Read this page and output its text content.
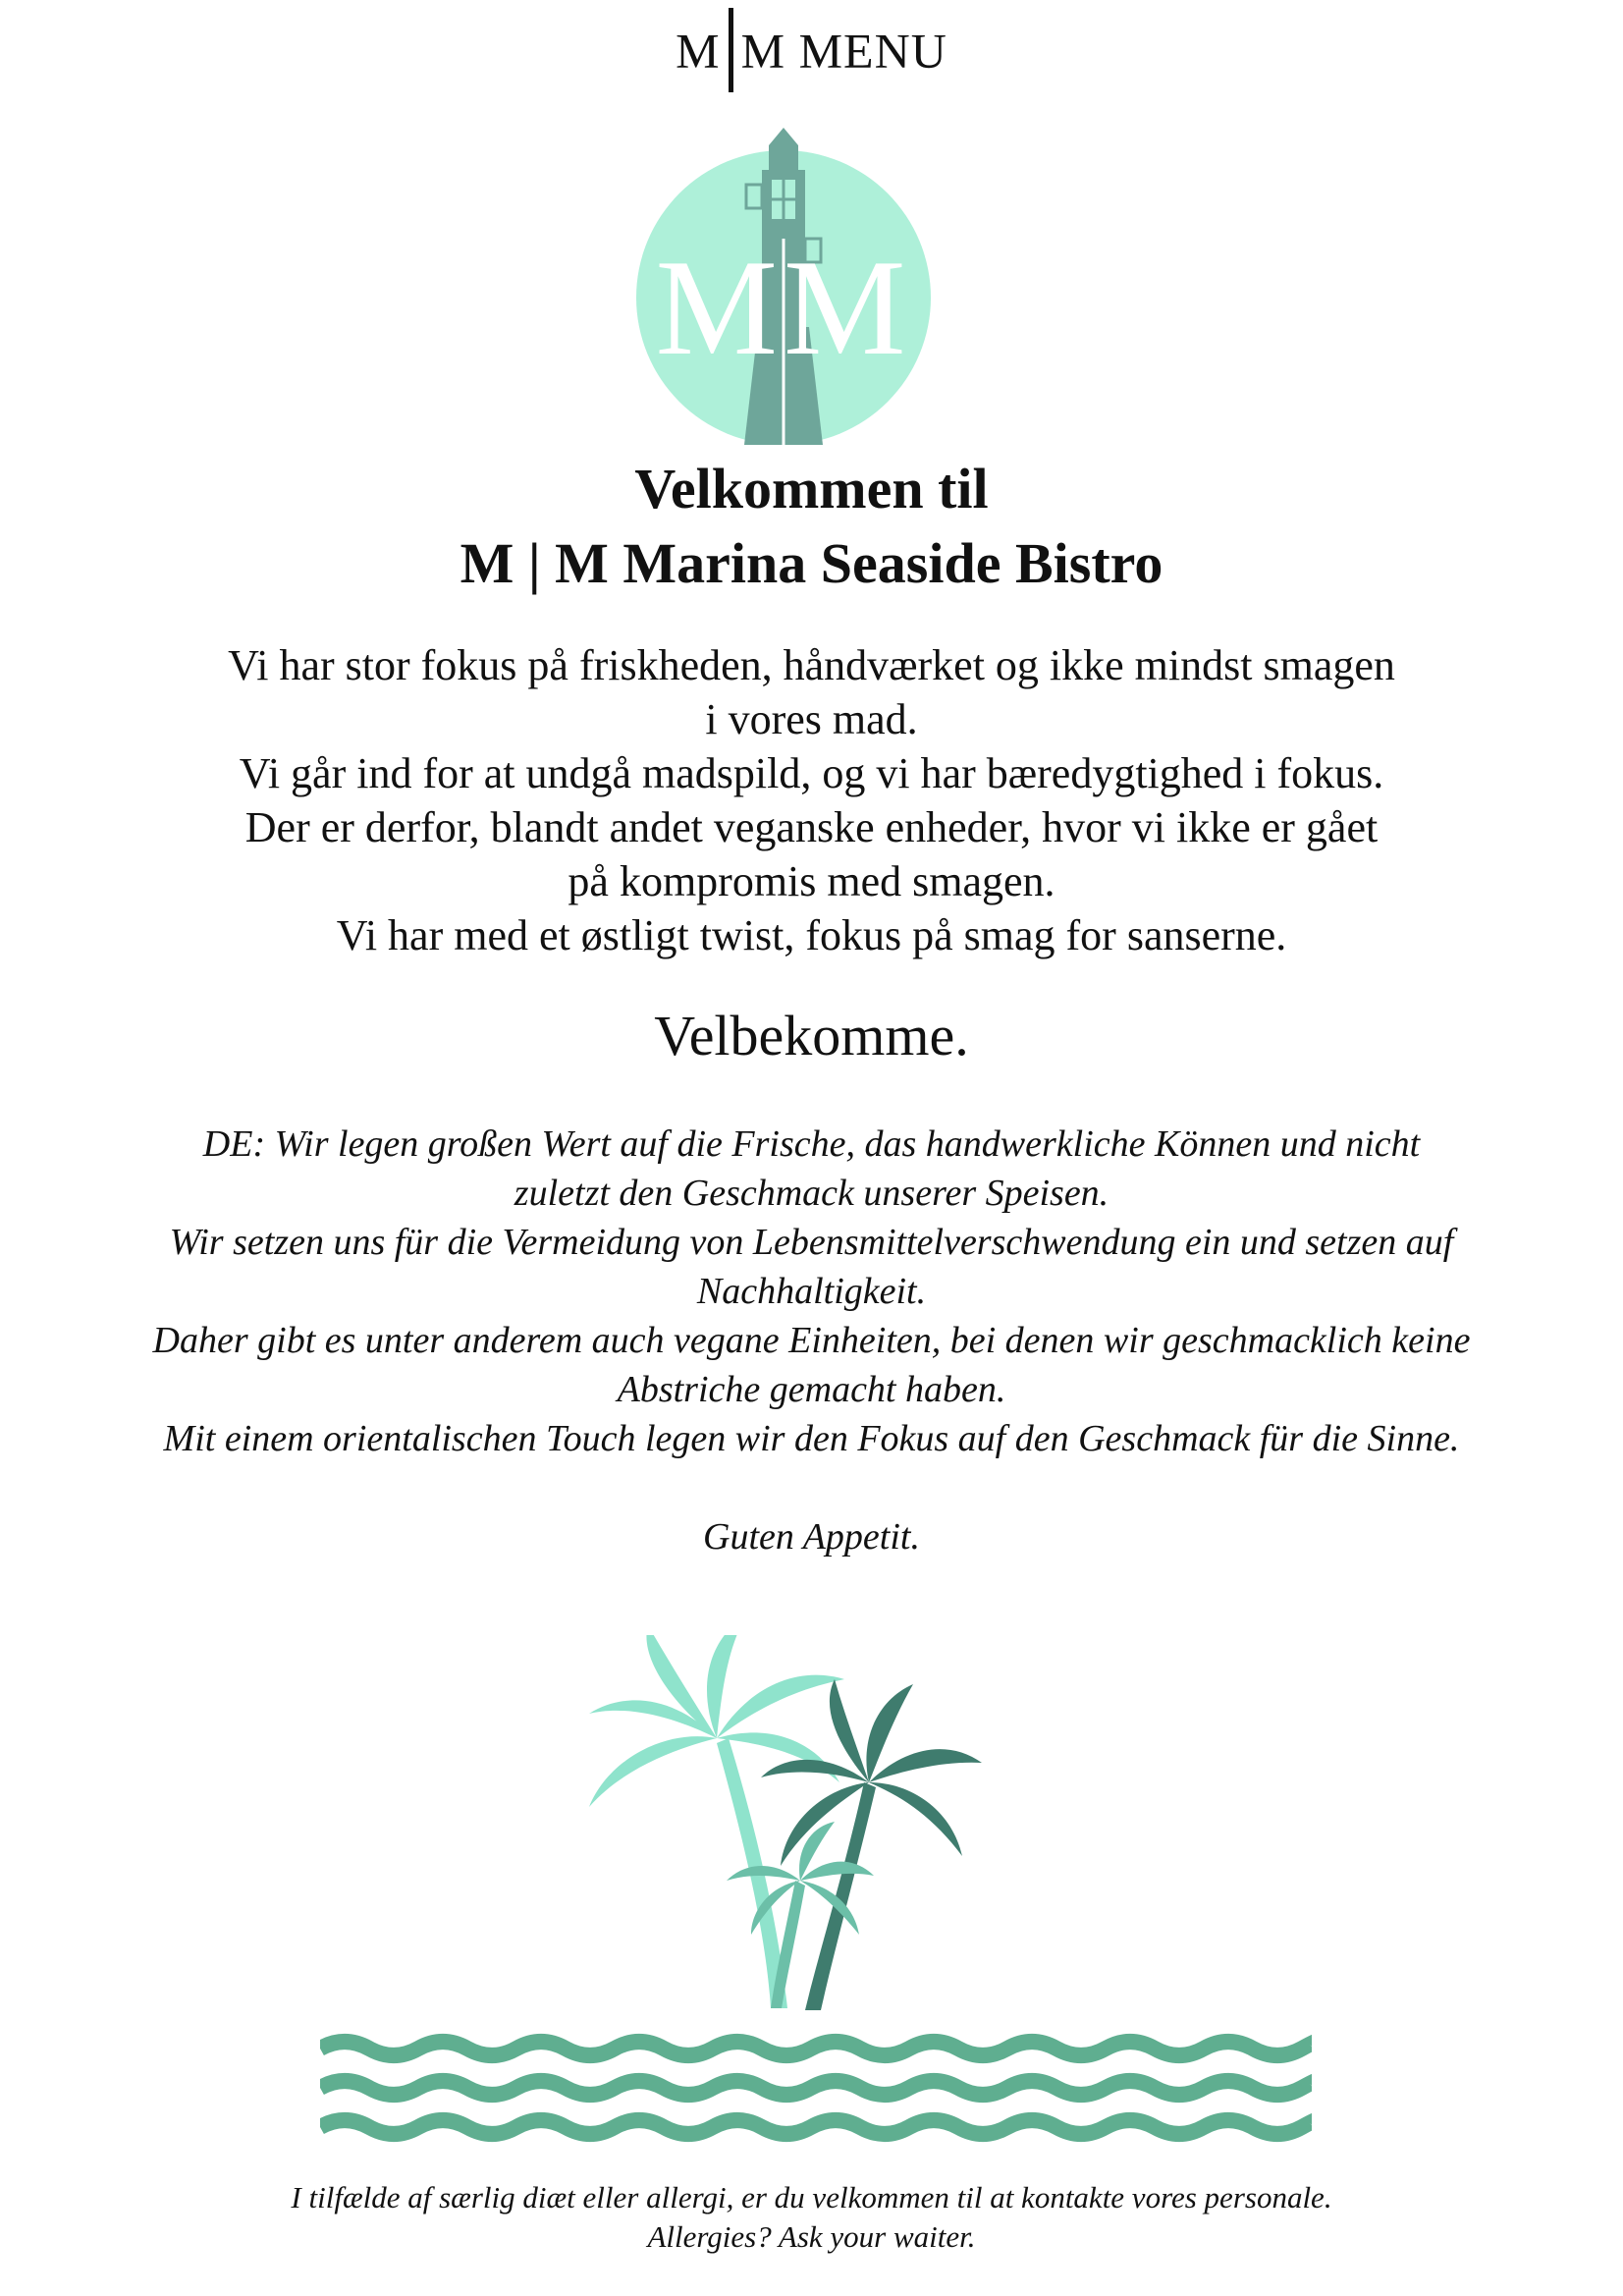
M M MENU
MM
Velkommen til
M | M Marina Seaside Bistro

Vi har stor fokus på friskheden, håndværket og ikke mindst smagen

i vores mad.

Vi går ind for at undgå madspild, og vi har bæredygtighed i fokus.

Der er derfor, blandt andet veganske enheder, hvor vi ikke er gået

på kompromis med smagen.

Vi har med et østligt twist, fokus på smag for sanserne.

Velbekomme.

DE: Wir legen großen Wert auf die Frische, das handwerkliche Können und nicht

zuletzt den Geschmack unserer Speisen.

Wir setzen uns für die Vermeidung von Lebensmittelverschwendung ein und setzen auf

Nachhaltigkeit.

Daher gibt es unter anderem auch vegane Einheiten, bei denen wir geschmacklich keine

Abstriche gemacht haben.

Mit einem orientalischen Touch legen wir den Fokus auf den Geschmack für die Sinne.

Guten Appetit.

I tilfælde af særlig diæt eller allergi, er du velkommen til at kontakte vores personale.

Allergies? Ask your waiter.
